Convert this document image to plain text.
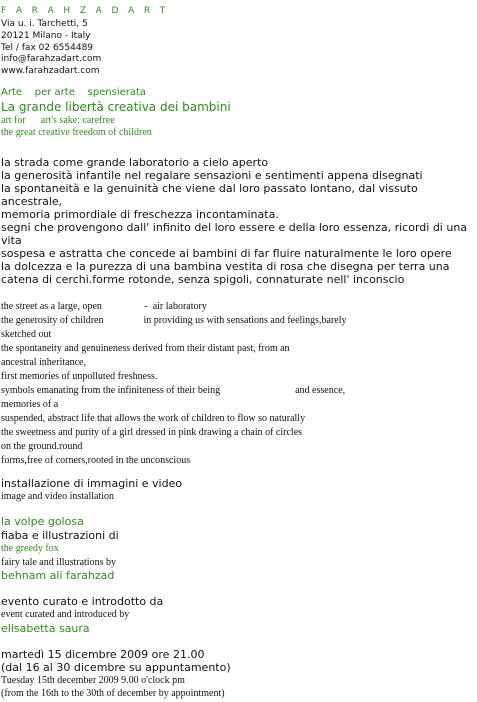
F A R A H Z A D A R T
Via u. i. Tarchetti, 5
20121 Milano - Italy
Tel / fax 02 6554489
info@farahzadart.com
www.farahzadart.com
Arte    per arte    spensierata
La grande libertà creativa dei bambini
art for      art's sake: carefree
the great creative freedom of children
la strada come grande laboratorio a cielo aperto
la generosità infantile nel regalare sensazioni e sentimenti appena disegnati
la spontaneità e la genuinità che viene dal loro passato lontano, dal vissuto
ancestrale,
memoria primordiale di freschezza incontaminata.
segni che provengono dall' infinito del loro essere e della loro essenza, ricordi di una
vita
sospesa e astratta che concede ai bambini di far fluire naturalmente le loro opere
la dolcezza e la purezza di una bambina vestita di rosa che disegna per terra una
catena di cerchi.forme rotonde, senza spigoli, connaturate nell' inconscio
the street as a large, open                 -  air laboratory
the generosity of children                in providing us with sensations and feelings,barely
sketched out
the spontaneity and genuineness derived from their distant past, from an
ancestral inheritance,
first memories of unpolluted freshness.
symbols emanating from the infiniteness of their being                              and essence,
memories of a
suspended, abstract life that allows the work of children to flow so naturally
the sweetness and purity of a girl dressed in pink drawing a chain of circles
on the ground.round
forms,free of corners,rooted in the unconscious
installazione di immagini e video
image and video installation
la volpe golosa
fiaba e illustrazioni di
the greedy fox
fairy tale and illustrations by
behnam ali farahzad
evento curato e introdotto da
event curated and introduced by
elisabetta saura
martedì 15 dicembre 2009 ore 21.00
(dal 16 al 30 dicembre su appuntamento)
Tuesday 15th december 2009 9.00 o'clock pm
(from the 16th to the 30th of december by appointment)
